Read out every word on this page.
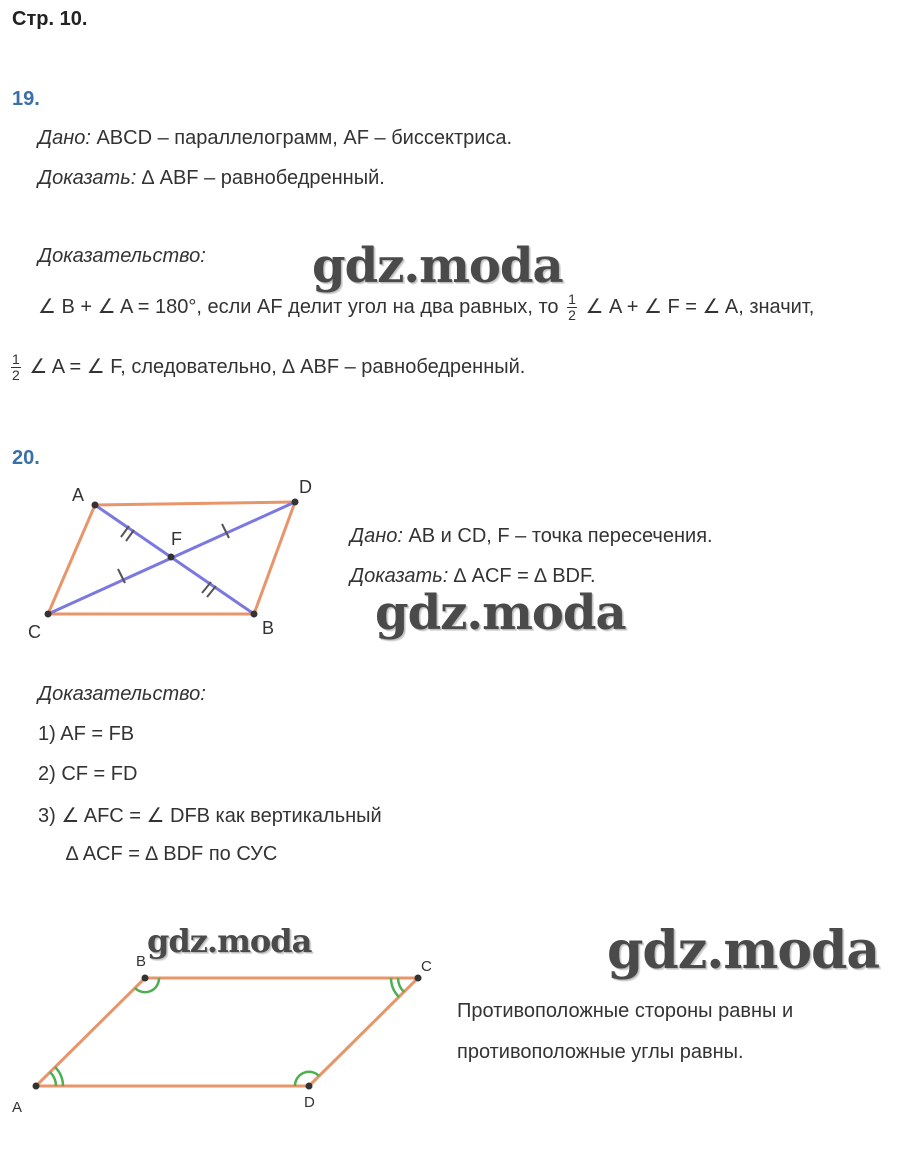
Стр. 10.
19.
Дано: ABCD – параллелограмм, AF – биссектриса.
Доказать: ∆ ABF – равнобедренный.
Доказательство:
∠ B + ∠ A = 180°, если AF делит угол на два равных, то $\frac{1}{2}$ ∠ A + ∠ F = ∠ A, значит,
$\frac{1}{2}$ ∠ A = ∠ F, следовательно, ∆ ABF – равнобедренный.
gdz.moda
20.
A	D
F
C	B
Дано: AB и CD, F – точка пересечения.
Доказать: ∆ ACF = ∆ BDF.
gdz.moda
Доказательство:
1) AF = FB
2) CF = FD
3) ∠ AFC = ∠ DFB как вертикальный
∆ ACF = ∆ BDF по СУС
gdz.moda
A
B	C
D
gdz.moda
Противоположные стороны равны и
противоположные углы равны.
